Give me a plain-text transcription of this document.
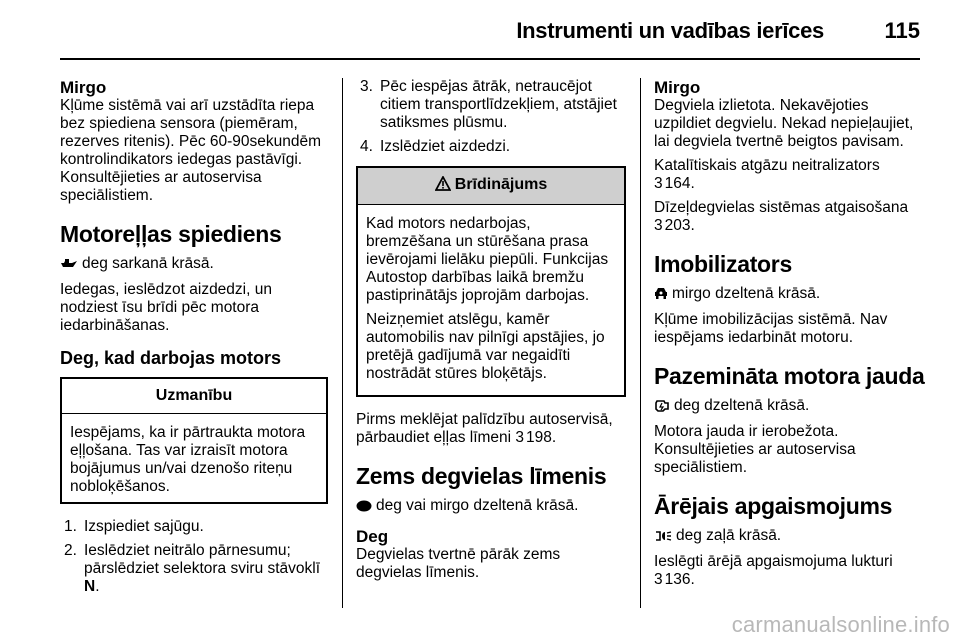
Instrumenti un vadības ierīces	115
Mirgo

Kļūme sistēmā vai arī uzstādīta riepa bez spiediena sensora (piemēram, rezerves ritenis). Pēc 60-90sekundēm kontrolindikators iedegas pastāvīgi. Konsultējieties ar autoservisa speciālistiem.

Motoreļļas spiediens

deg sarkanā krāsā.

Iedegas, ieslēdzot aizdedzi, un nodziest īsu brīdi pēc motora iedarbināšanas.

Deg, kad darbojas motors
Uzmanību
Iespējams, ka ir pārtraukta motora eļļošana. Tas var izraisīt motora bojājumus un/vai dzenošo riteņu nobloķēšanos.
1. Izspiediet sajūgu.
2. Ieslēdziet neitrālo pārnesumu; pārslēdziet selektora sviru stāvoklī N.
3. Pēc iespējas ātrāk, netraucējot citiem transportlīdzekļiem, atstājiet satiksmes plūsmu.
4. Izslēdziet aizdedzi.
Brīdinājums

Kad motors nedarbojas, bremzēšana un stūrēšana prasa ievērojami lielāku piepūli. Funkcijas Autostop darbības laikā bremžu pastiprinātājs joprojām darbojas.

Neizņemiet atslēgu, kamēr automobilis nav pilnīgi apstājies, jo pretējā gadījumā var negaidīti nostrādāt stūres bloķētājs.

Pirms meklējat palīdzību autoservisā, pārbaudiet eļļas līmeni 3 198.

Zems degvielas līmenis

deg vai mirgo dzeltenā krāsā.

Deg

Degvielas tvertnē pārāk zems degvielas līmenis.

Mirgo

Degviela izlietota. Nekavējoties uzpildiet degvielu. Nekad nepieļaujiet, lai degviela tvertnē beigtos pavisam.

Katalītiskais atgāzu neitralizators
3 164.

Dīzeļdegvielas sistēmas atgaisošana
3 203.

Imobilizators

mirgo dzeltenā krāsā.

Kļūme imobilizācijas sistēmā. Nav iespējams iedarbināt motoru.

Pazemināta motora jauda

deg dzeltenā krāsā.

Motora jauda ir ierobežota. Konsultējieties ar autoservisa speciālistiem.

Ārējais apgaismojums

deg zaļā krāsā.

Ieslēgti ārējā apgaismojuma lukturi
3 136.

carmanualsonline.info
